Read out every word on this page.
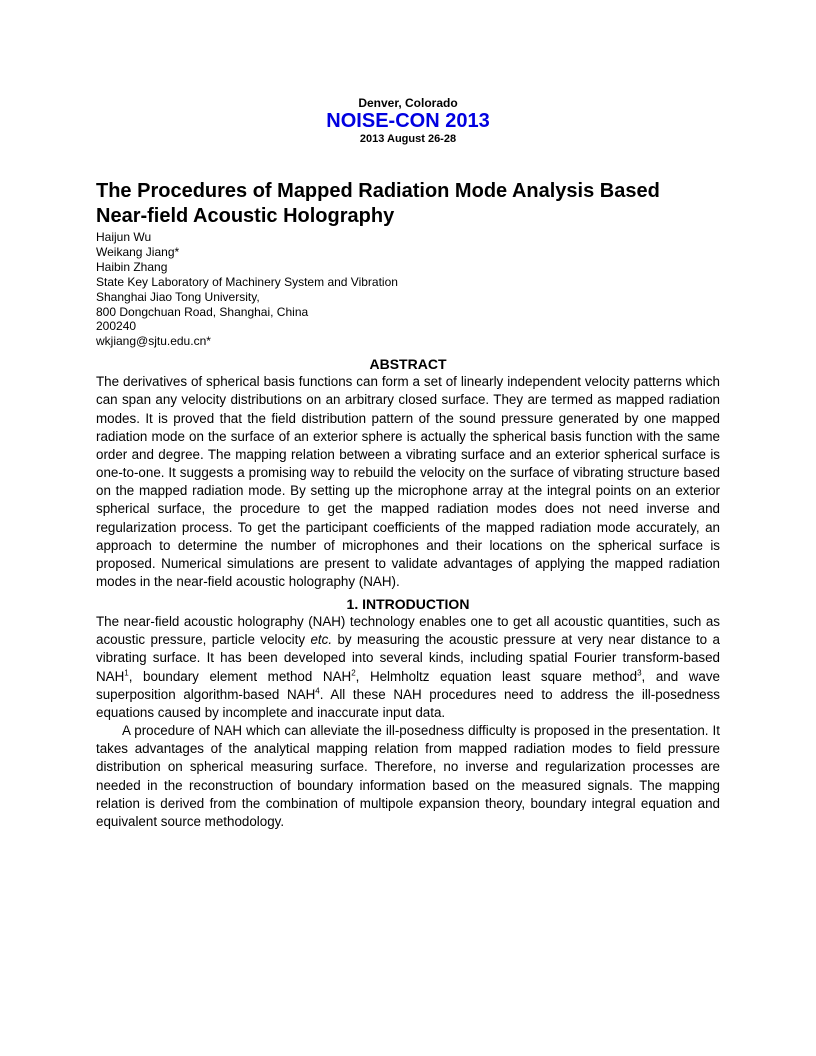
Denver, Colorado
NOISE-CON 2013
2013 August 26-28
The Procedures of Mapped Radiation Mode Analysis Based
Near-field Acoustic Holography
Haijun Wu
Weikang Jiang*
Haibin Zhang
State Key Laboratory of Machinery System and Vibration
Shanghai Jiao Tong University,
800 Dongchuan Road, Shanghai, China
200240
wkjiang@sjtu.edu.cn*
ABSTRACT

The derivatives of spherical basis functions can form a set of linearly independent velocity patterns which can span any velocity distributions on an arbitrary closed surface. They are termed as mapped radiation modes. It is proved that the field distribution pattern of the sound pressure generated by one mapped radiation mode on the surface of an exterior sphere is actually the spherical basis function with the same order and degree. The mapping relation between a vibrating surface and an exterior spherical surface is one-to-one. It suggests a promising way to rebuild the velocity on the surface of vibrating structure based on the mapped radiation mode. By setting up the microphone array at the integral points on an exterior spherical surface, the procedure to get the mapped radiation modes does not need inverse and regularization process. To get the participant coefficients of the mapped radiation mode accurately, an approach to determine the number of microphones and their locations on the spherical surface is proposed. Numerical simulations are present to validate advantages of applying the mapped radiation modes in the near-field acoustic holography (NAH).

1. INTRODUCTION

The near-field acoustic holography (NAH) technology enables one to get all acoustic quantities, such as acoustic pressure, particle velocity etc. by measuring the acoustic pressure at very near distance to a vibrating surface. It has been developed into several kinds, including spatial Fourier transform-based NAH$^1$, boundary element method NAH$^2$, Helmholtz equation least square method$^3$, and wave superposition algorithm-based NAH$^4$. All these NAH procedures need to address the ill-posedness equations caused by incomplete and inaccurate input data.

A procedure of NAH which can alleviate the ill-posedness difficulty is proposed in the presentation. It takes advantages of the analytical mapping relation from mapped radiation modes to field pressure distribution on spherical measuring surface. Therefore, no inverse and regularization processes are needed in the reconstruction of boundary information based on the measured signals. The mapping relation is derived from the combination of multipole expansion theory, boundary integral equation and equivalent source methodology.
